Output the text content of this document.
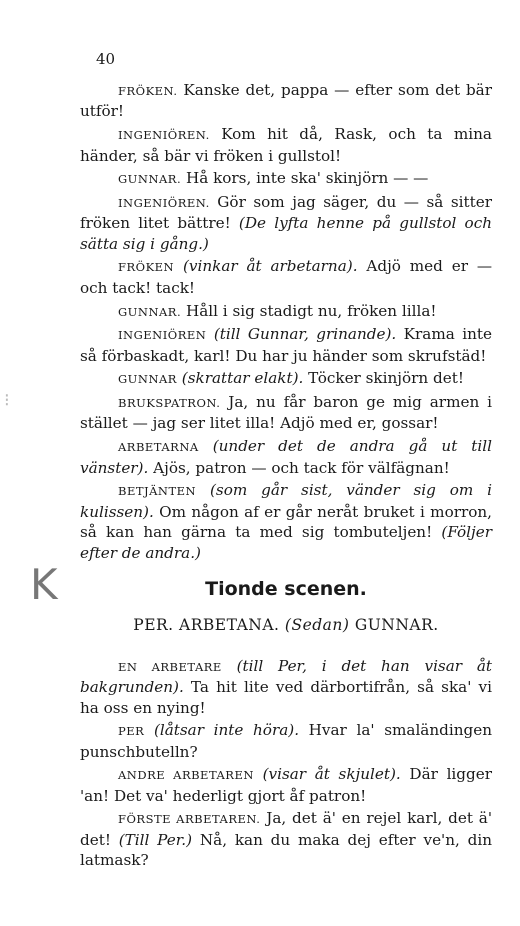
40
⁝
K

FRÖKEN. Kanske det, pappa — efter som det bär utför!

INGENIÖREN. Kom hit då, Rask, och ta mina händer, så bär vi fröken i gullstol!

GUNNAR. Hå kors, inte ska' skinjörn — —

INGENIÖREN. Gör som jag säger, du — så sitter fröken litet bättre! (De lyfta henne på gullstol och sätta sig i gång.)

FRÖKEN (vinkar åt arbetarna). Adjö med er — och tack! tack!

GUNNAR. Håll i sig stadigt nu, fröken lilla!

INGENIÖREN (till Gunnar, grinande). Krama inte så förbaskadt, karl! Du har ju händer som skrufstäd!

GUNNAR (skrattar elakt). Töcker skinjörn det!

BRUKSPATRON. Ja, nu får baron ge mig armen i stället — jag ser litet illa! Adjö med er, gossar!

ARBETARNA (under det de andra gå ut till vänster). Ajös, patron — och tack för välfägnan!

BETJÄNTEN (som går sist, vänder sig om i kulissen). Om någon af er går neråt bruket i morron, så kan han gärna ta med sig tombuteljen! (Följer efter de andra.)

Tionde scenen.
PER. ARBETANA. (Sedan) GUNNAR.

EN ARBETARE (till Per, i det han visar åt bakgrunden). Ta hit lite ved därbortifrån, så ska' vi ha oss en nying!

PER (låtsar inte höra). Hvar la' smaländingen punschbutelln?

ANDRE ARBETAREN (visar åt skjulet). Där ligger 'an! Det va' hederligt gjort åf patron!

FÖRSTE ARBETAREN. Ja, det ä' en rejel karl, det ä' det! (Till Per.) Nå, kan du maka dej efter ve'n, din latmask?
